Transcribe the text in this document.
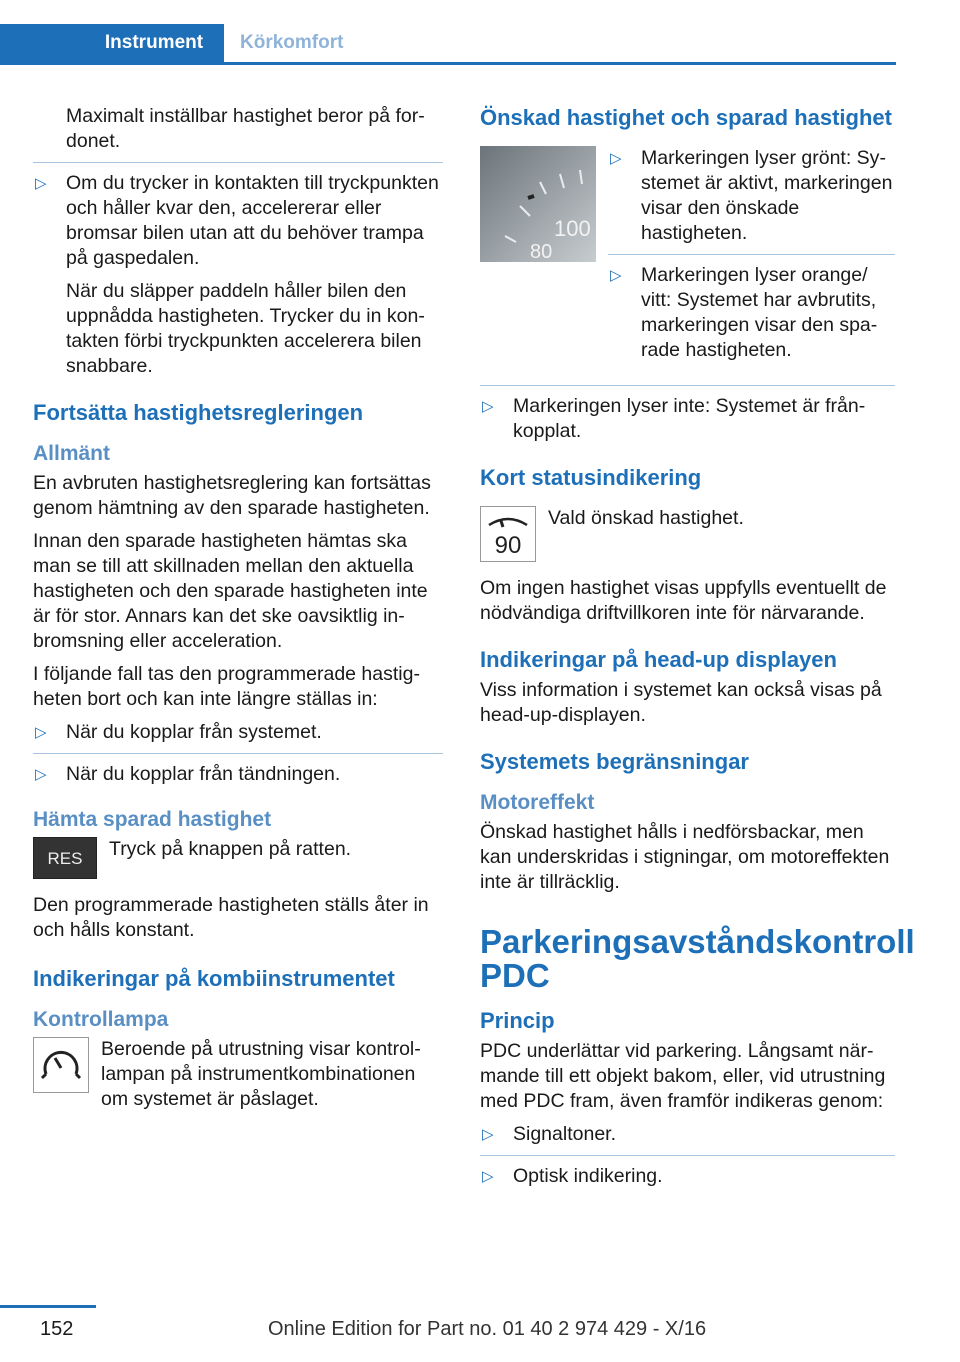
Instrument	Körkomfort

Maximalt inställbar hastighet beror på fordonet.

▷ Om du trycker in kontakten till tryckpunkten och håller kvar den, accelererar eller bromsar bilen utan att du behöver trampa på gaspedalen.

När du släpper paddeln håller bilen den uppnådda hastigheten. Trycker du in kontakten förbi tryckpunkten accelerera bilen snabbare.

Fortsätta hastighetsregleringen
Allmänt

En avbruten hastighetsreglering kan fortsättas genom hämtning av den sparade hastigheten.

Innan den sparade hastigheten hämtas ska man se till att skillnaden mellan den aktuella hastigheten och den sparade hastigheten inte är för stor. Annars kan det ske oavsiktlig inbromsning eller acceleration.

I följande fall tas den programmerade hastigheten bort och kan inte längre ställas in:

▷ När du kopplar från systemet.

▷ När du kopplar från tändningen.

Hämta sparad hastighet
RES	Tryck på knappen på ratten.

Den programmerade hastigheten ställs åter in och hålls konstant.

Indikeringar på kombiinstrumentet
Kontrollampa

Beroende på utrustning visar kontrollampan på instrumentkombinationen om systemet är påslaget.

Önskad hastighet och sparad hastighet
100
80

▷ Markeringen lyser grönt: Systemet är aktivt, markeringen visar den önskade hastigheten.

▷ Markeringen lyser orange/ vitt: Systemet har avbrutits, markeringen visar den sparade hastigheten.

▷ Markeringen lyser inte: Systemet är frånkopplat.

Kort statusindikering
90

Vald önskad hastighet.

Om ingen hastighet visas uppfylls eventuellt de nödvändiga driftvillkoren inte för närvarande.

Indikeringar på head-up displayen

Viss information i systemet kan också visas på head-up-displayen.

Systemets begränsningar
Motoreffekt

Önskad hastighet hålls i nedförsbackar, men kan underskridas i stigningar, om motoreffekten inte är tillräcklig.

Parkeringsavståndskontroll PDC
Princip

PDC underlättar vid parkering. Långsamt närmande till ett objekt bakom, eller, vid utrustning med PDC fram, även framför indikeras genom:

▷ Signaltoner.

▷ Optisk indikering.

152	Online Edition for Part no. 01 40 2 974 429 - X/16
